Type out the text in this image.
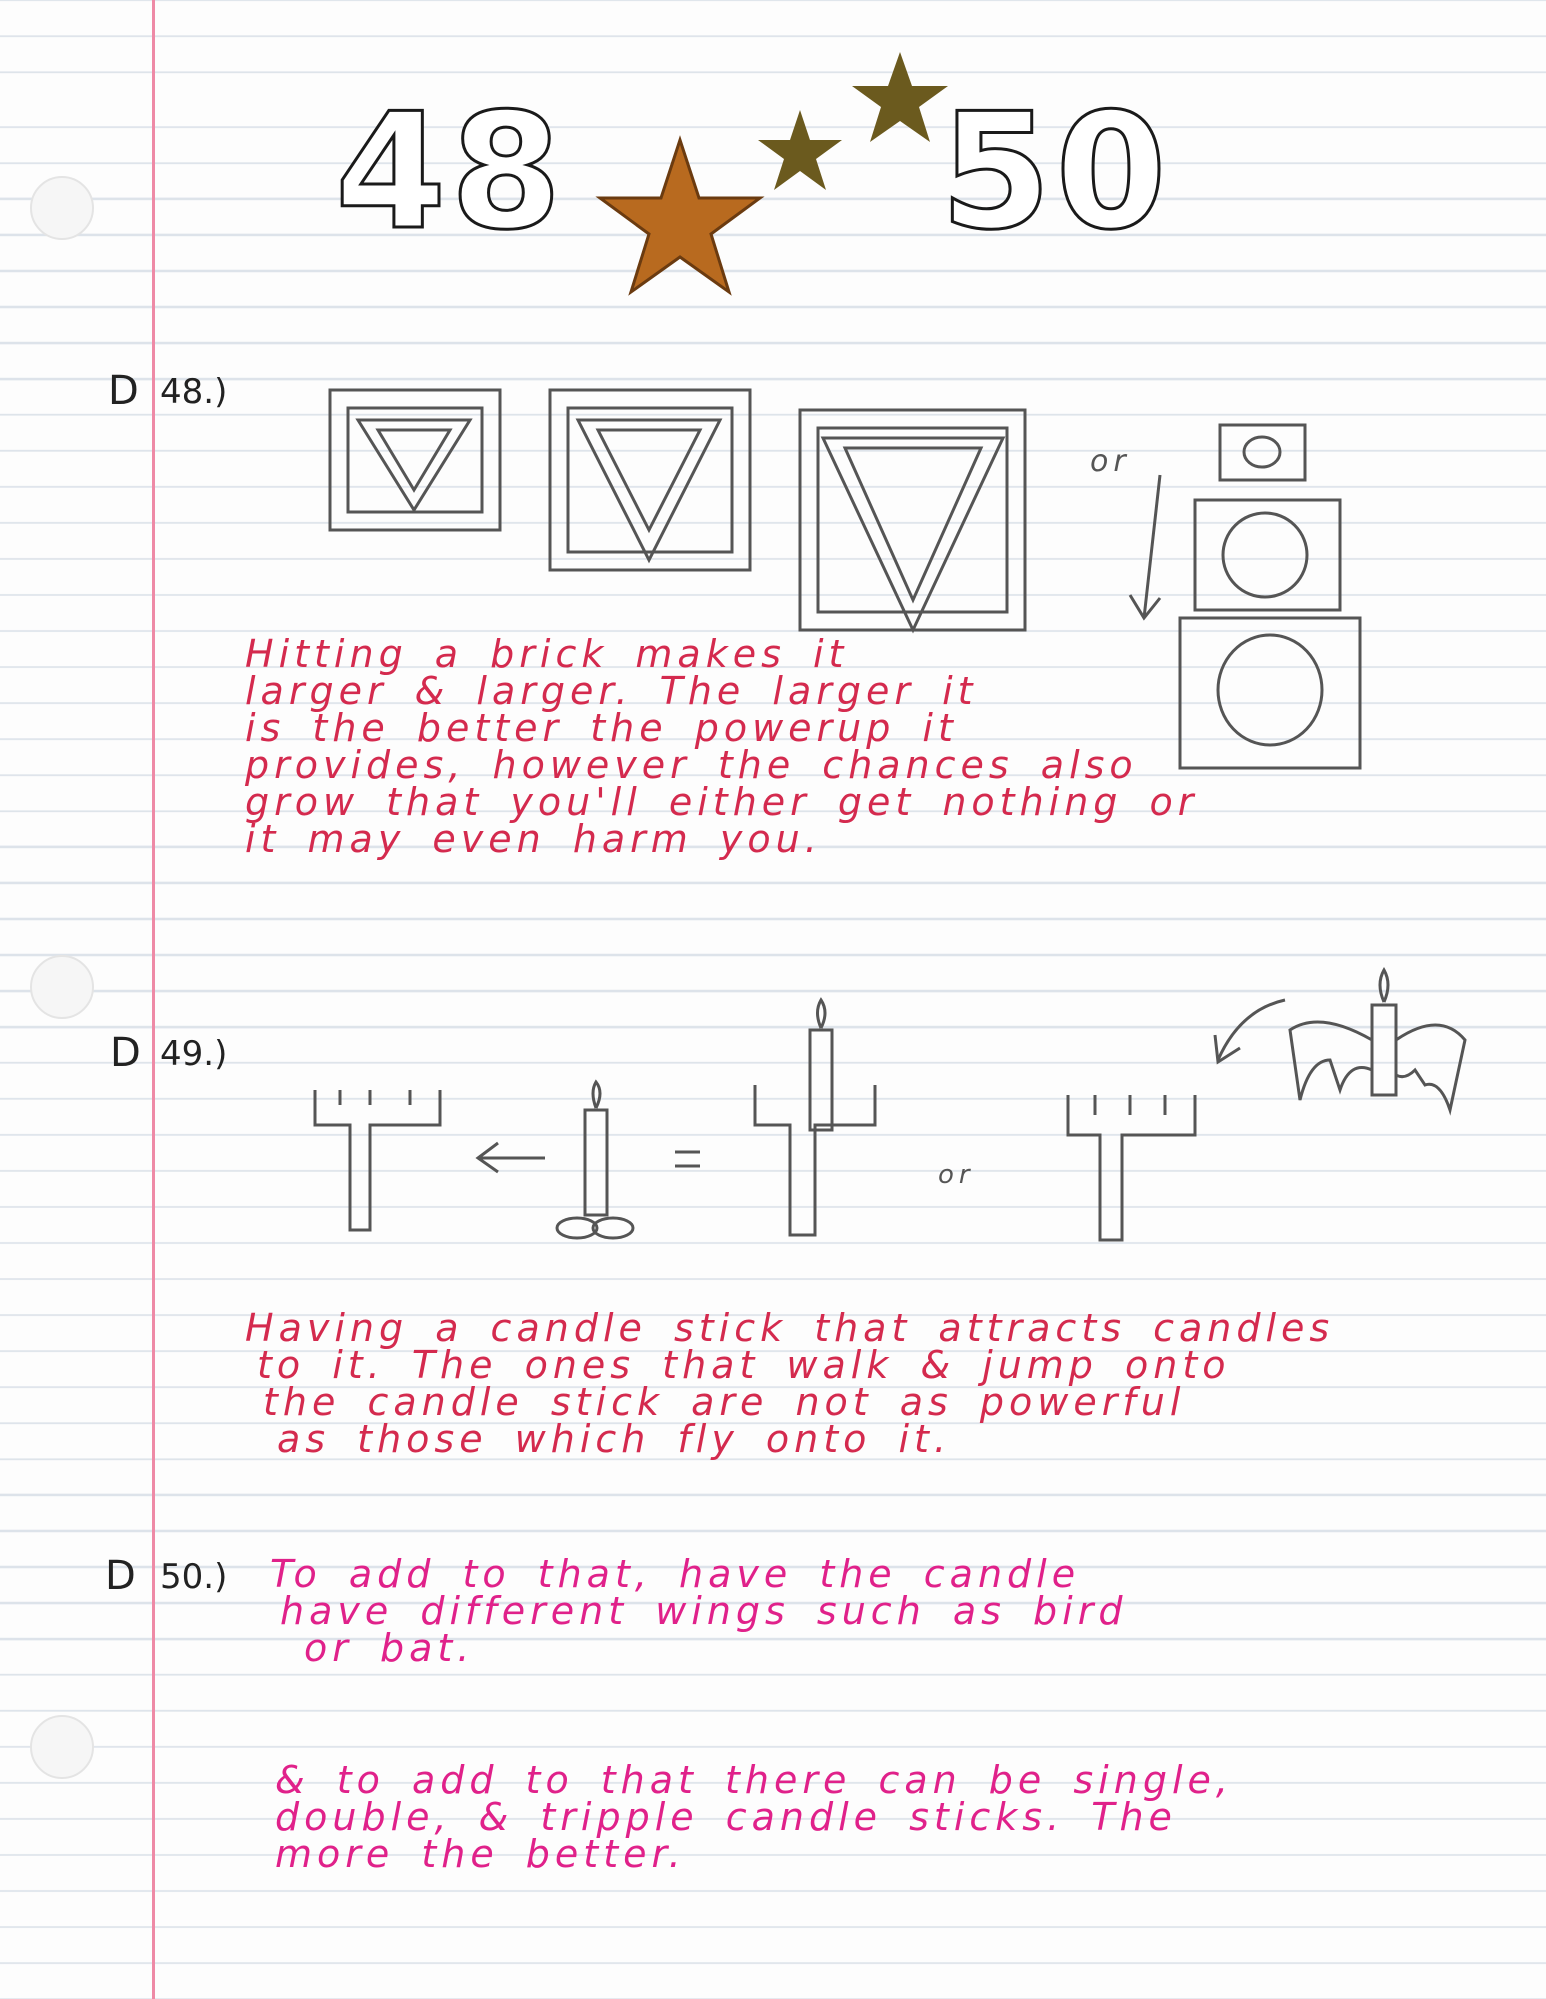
48 50
D 48.)
or
Hitting a brick makes it
larger & larger. The larger it
is the better the powerup it
provides, however the chances also
grow that you'll either get nothing or
it may even harm you.
D 49.)
or
Having a candle stick that attracts candles
to it. The ones that walk & jump onto
the candle stick are not as powerful
as those which fly onto it.
D 50.) To add to that, have the candle
have different wings such as bird
or bat.
& to add to that there can be single,
double, & tripple candle sticks. The
more the better.
